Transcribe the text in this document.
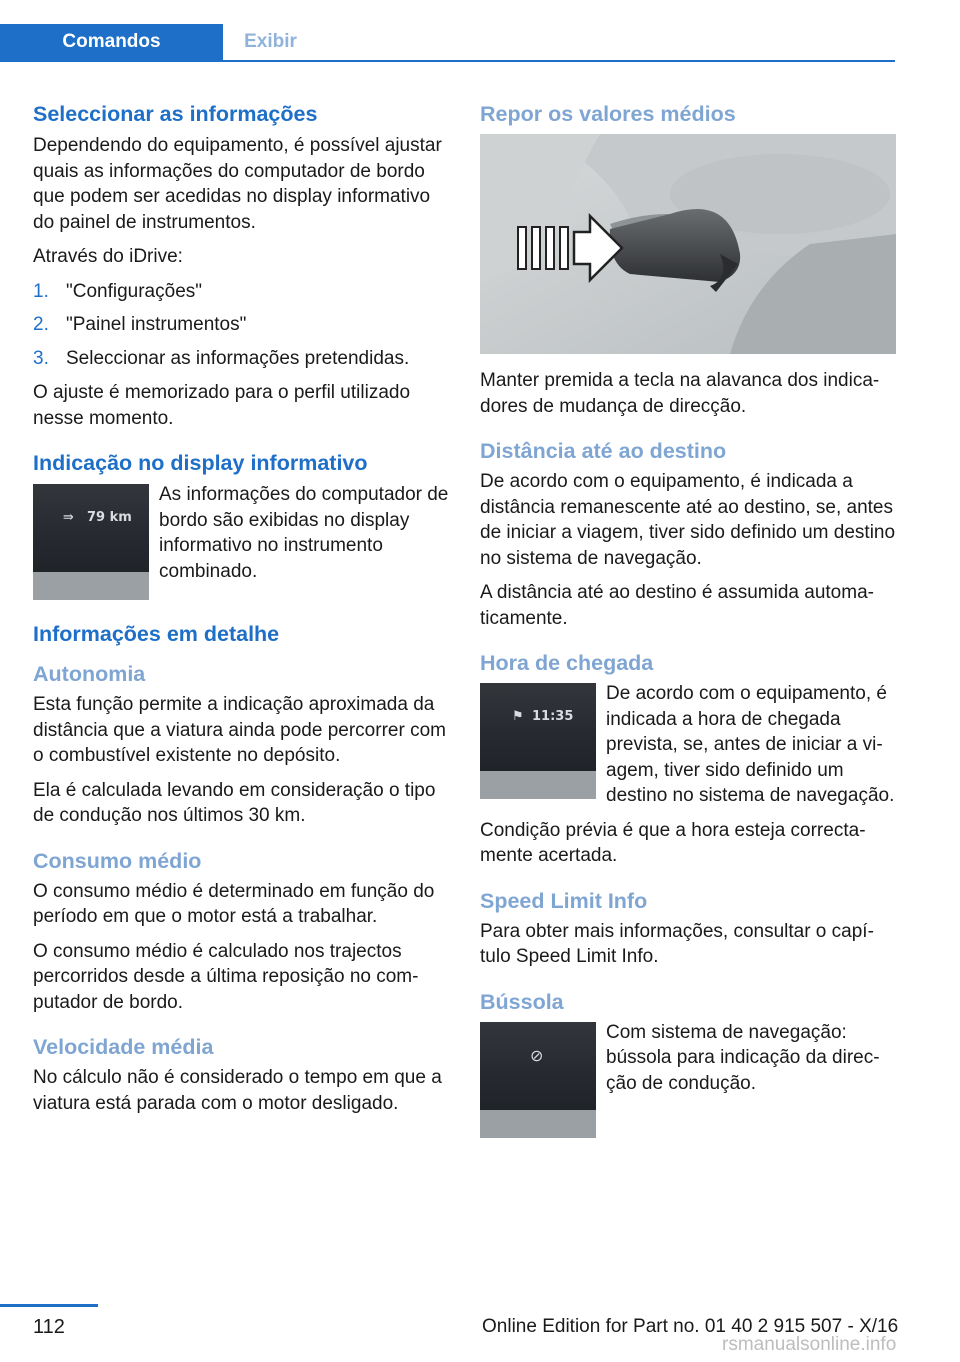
Comandos	Exibir
Seleccionar as informações

Dependendo do equipamento, é possível ajustar quais as informações do computador de bordo que podem ser acedidas no display informativo do painel de instrumentos.

Através do iDrive:

1. "Configurações"
2. "Painel instrumentos"
3. Seleccionar as informações pretendidas.

O ajuste é memorizado para o perfil utilizado nesse momento.

Indicação no display informativo
⇛ 79 km

As informações do computador de bordo são exibidas no display informativo no instrumento combinado.

Informações em detalhe
Autonomia

Esta função permite a indicação aproximada da distância que a viatura ainda pode percorrer com o combustível existente no depósito.

Ela é calculada levando em consideração o tipo de condução nos últimos 30 km.

Consumo médio

O consumo médio é determinado em função do período em que o motor está a trabalhar.

O consumo médio é calculado nos trajectos percorridos desde a última reposição no computador de bordo.

Velocidade média

No cálculo não é considerado o tempo em que a viatura está parada com o motor desligado.

Repor os valores médios

Manter premida a tecla na alavanca dos indicadores de mudança de direcção.

Distância até ao destino

De acordo com o equipamento, é indicada a distância remanescente até ao destino, se, antes de iniciar a viagem, tiver sido definido um destino no sistema de navegação.

A distância até ao destino é assumida automaticamente.

Hora de chegada
⚑ 11:35

De acordo com o equipamento, é indicada a hora de chegada prevista, se, antes de iniciar a viagem, tiver sido definido um destino no sistema de navegação.

Condição prévia é que a hora esteja correctamente acertada.

Speed Limit Info

Para obter mais informações, consultar o capítulo Speed Limit Info.

Bússola
⊘

Com sistema de navegação: bússola para indicação da direcção de condução.

112	Online Edition for Part no. 01 40 2 915 507 - X/16
rsmanualsonline.info
